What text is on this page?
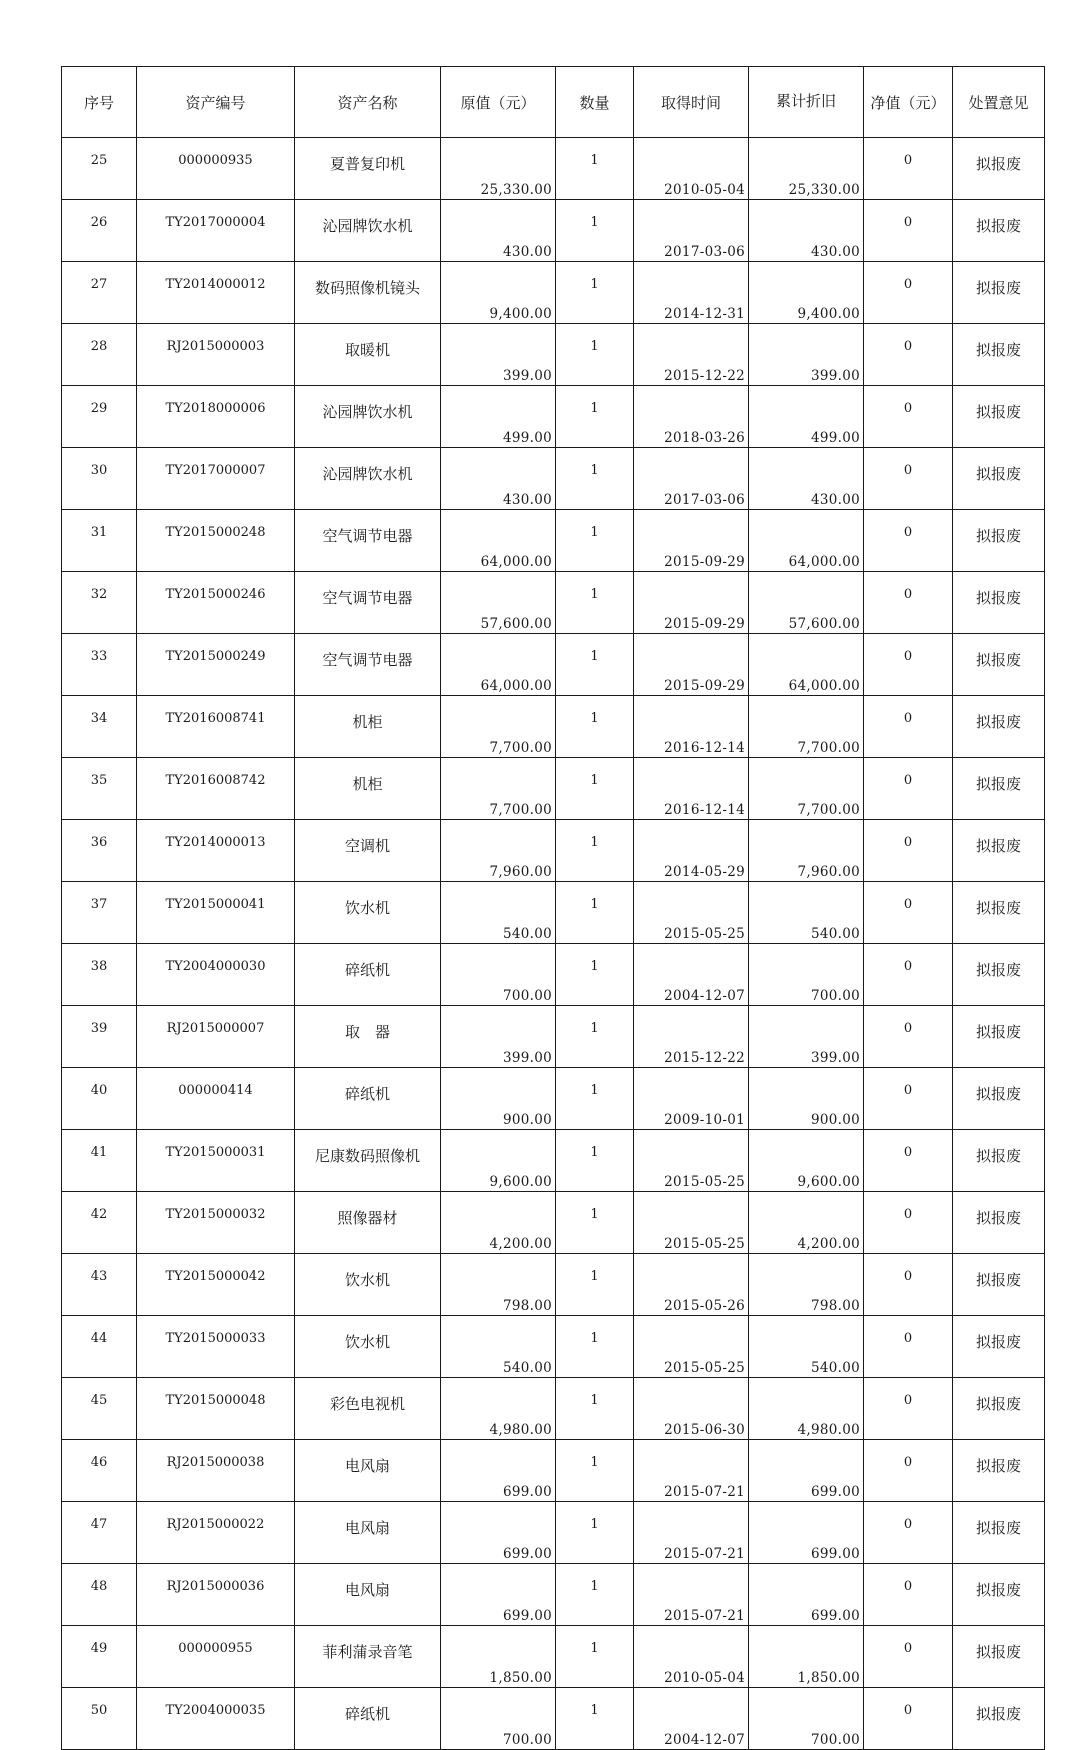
序号	资产编号	资产名称	原值（元）	数量	取得时间	累计折旧	净值（元）	处置意见
25	000000935	夏普复印机	25,330.00	1	2010-05-04	25,330.00	0	拟报废
26	TY2017000004	沁园牌饮水机	430.00	1	2017-03-06	430.00	0	拟报废
27	TY2014000012	数码照像机镜头	9,400.00	1	2014-12-31	9,400.00	0	拟报废
28	RJ2015000003	取暖机	399.00	1	2015-12-22	399.00	0	拟报废
29	TY2018000006	沁园牌饮水机	499.00	1	2018-03-26	499.00	0	拟报废
30	TY2017000007	沁园牌饮水机	430.00	1	2017-03-06	430.00	0	拟报废
31	TY2015000248	空气调节电器	64,000.00	1	2015-09-29	64,000.00	0	拟报废
32	TY2015000246	空气调节电器	57,600.00	1	2015-09-29	57,600.00	0	拟报废
33	TY2015000249	空气调节电器	64,000.00	1	2015-09-29	64,000.00	0	拟报废
34	TY2016008741	机柜	7,700.00	1	2016-12-14	7,700.00	0	拟报废
35	TY2016008742	机柜	7,700.00	1	2016-12-14	7,700.00	0	拟报废
36	TY2014000013	空调机	7,960.00	1	2014-05-29	7,960.00	0	拟报废
37	TY2015000041	饮水机	540.00	1	2015-05-25	540.00	0	拟报废
38	TY2004000030	碎纸机	700.00	1	2004-12-07	700.00	0	拟报废
39	RJ2015000007	取　器	399.00	1	2015-12-22	399.00	0	拟报废
40	000000414	碎纸机	900.00	1	2009-10-01	900.00	0	拟报废
41	TY2015000031	尼康数码照像机	9,600.00	1	2015-05-25	9,600.00	0	拟报废
42	TY2015000032	照像器材	4,200.00	1	2015-05-25	4,200.00	0	拟报废
43	TY2015000042	饮水机	798.00	1	2015-05-26	798.00	0	拟报废
44	TY2015000033	饮水机	540.00	1	2015-05-25	540.00	0	拟报废
45	TY2015000048	彩色电视机	4,980.00	1	2015-06-30	4,980.00	0	拟报废
46	RJ2015000038	电风扇	699.00	1	2015-07-21	699.00	0	拟报废
47	RJ2015000022	电风扇	699.00	1	2015-07-21	699.00	0	拟报废
48	RJ2015000036	电风扇	699.00	1	2015-07-21	699.00	0	拟报废
49	000000955	菲利蒲录音笔	1,850.00	1	2010-05-04	1,850.00	0	拟报废
50	TY2004000035	碎纸机	700.00	1	2004-12-07	700.00	0	拟报废
